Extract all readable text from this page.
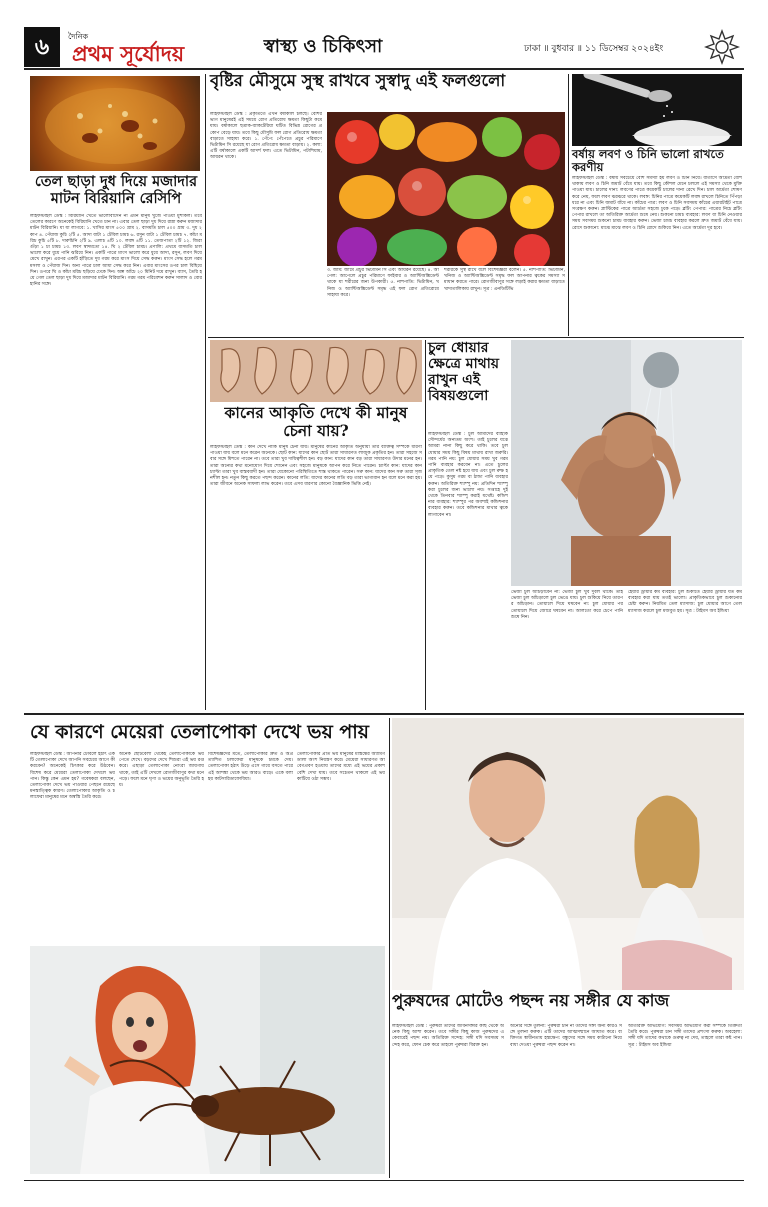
৬	দৈনিক
প্রথম সূর্যোদয়	স্বাস্থ্য ও চিকিৎসা	ঢাকা ॥ বুধবার ॥ ১১ ডিসেম্বর ২০২৪ইং
তেল ছাড়া দুধ দিয়ে মজাদার মাটন বিরিয়ানি রেসিপি
লাইফস্টাইল ডেস্ক : বিরিয়ানি খেতে ভালোবাসেন না এমন মানুষ খুঁজে পাওয়া মুশকিল। তবে তেলের কারণে অনেকেই বিরিয়ানি খেতে চান না। এবার তেল ছাড়া দুধ দিয়ে রান্না করুন মজাদার মাটন বিরিয়ানি। যা যা লাগবে: ১. খাসির মাংস ৫০০ গ্রাম ২. বাসমতি চাল ৫০০ গ্রাম ৩. দুধ ২ কাপ ৪. পেঁয়াজ কুচি ২টি ৫. আদা বাটা ১ টেবিল চামচ ৬. রসুন বাটা ১ টেবিল চামচ ৭. কাঁচা মরিচ কুচি ৫টি ৮. দারুচিনি ২টি ৯. এলাচ ৪টি ১০. লবঙ্গ ৪টি ১১. তেজপাতা ২টি ১২. জিরা গুঁড়া ১ চা চামচ ১৩. লবণ স্বাদমতো ১৪. ঘি ২ টেবিল চামচ। প্রণালি: প্রথমে বাসমতি চাল ভালো করে ধুয়ে পানি ঝরিয়ে নিন। একটি পাত্রে মাংস ভালো করে ধুয়ে আদা, রসুন, লবণ দিয়ে মেখে রাখুন। এরপর একটি হাঁড়িতে দুধ গরম করে মাংস দিয়ে সেদ্ধ করুন। মাংস সেদ্ধ হলে গরম মসলা ও পেঁয়াজ দিন। অন্য পাত্রে চাল আধা সেদ্ধ করে নিন। এবার মাংসের ওপর চাল বিছিয়ে দিন। ওপরে ঘি ও কাঁচা মরিচ ছড়িয়ে ঢেকে দিন। অল্প আঁচে ২০ মিনিট দমে রাখুন। ব্যাস, তৈরি হয়ে গেল তেল ছাড়া দুধ দিয়ে মজাদার মাটন বিরিয়ানি। গরম গরম পরিবেশন করুন সালাদ ও বোরহানির সঙ্গে।
বৃষ্টির মৌসুমে সুস্থ রাখবে সুস্বাদু এই ফলগুলো
লাইফস্টাইল ডেস্ক : প্রকৃতিতে এখন বর্ষাকাল চলছে। বেশির ভাগ মানুষেরই এই সময়ে রোগ প্রতিরোধ ক্ষমতা কিছুটা কমে যায়। বর্ষাকালে ছত্রাক-ব্যাকটেরিয়া ঘটিত বিভিন্ন রোগের প্রকোপ বেড়ে যায়। তবে কিছু মৌসুমি ফল রোগ প্রতিরোধ ক্ষমতা বাড়াতে সাহায্য করে। ১. পেঁপে: পেঁপেতে প্রচুর পরিমাণে ভিটামিন সি রয়েছে যা রোগ প্রতিরোধ ক্ষমতা বাড়ায়। ২. কলা: এটি বর্ষাকালে একটি আদর্শ ফল। এতে ভিটামিন, পটাশিয়াম, আয়রন থাকে।
৩. জাম: জামে প্রচুর ভিটামিন সি এবং আয়রন রয়েছে। ৪. আপেল: আপেলে প্রচুর পরিমাণে ফাইবার ও অ্যান্টিঅক্সিডেন্ট থাকে যা শরীরের জন্য উপকারী। ৫. নাশপাতি: ভিটামিন, খনিজ ও অ্যান্টিঅক্সিডেন্ট সমৃদ্ধ এই ফল রোগ প্রতিরোধে সাহায্য করে।
শরীরকে সুস্থ রাখে বলে বিশেষজ্ঞরা বলেন। ৫. নাশপাতি: ভিটামিন, খনিজ ও অ্যান্টিঅক্সিডেন্ট সমৃদ্ধ ফল আপনার ত্বকের সমস্যা সমাধান করতে পারে। রোগজীবাণুর সঙ্গে লড়াই করার ক্ষমতা বাড়াতে খাদ্যতালিকায় রাখুন। সূত্র : এনডিটিভি
বর্ষায় লবণ ও চিনি ভালো রাখতে করণীয়
লাইফস্টাইল ডেস্ক : বর্ষায় সবচেয়ে বেশি সমস্যা হয় লবণ ও চিনি নিয়ে। বাতাসে আর্দ্রতা বেশি থাকায় লবণ ও চিনি জমাট বেঁধে যায়। তবে কিছু কৌশল মেনে চললে এই সমস্যা থেকে মুক্তি পাওয়া যায়। চালের দানা: লবণের পাত্রে কয়েকটি চালের দানা রেখে দিন। চাল আর্দ্রতা শোষণ করে নেয়, ফলে লবণ ঝরঝরে থাকে। লবঙ্গ: চিনির পাত্রে কয়েকটি লবঙ্গ রাখলে চিনিতে পিঁপড়া ধরে না এবং চিনি জমাট বাঁধে না। কাঁচের পাত্র: লবণ ও চিনি সবসময় কাঁচের এয়ারটাইট পাত্রে সংরক্ষণ করুন। প্লাস্টিকের পাত্রে আর্দ্রতা সহজে ঢুকে পড়ে। ব্লটিং পেপার: পাত্রের নিচে ব্লটিং পেপার রাখলে তা অতিরিক্ত আর্দ্রতা শুষে নেয়। শুকনো চামচ ব্যবহার: লবণ বা চিনি নেওয়ার সময় সবসময় শুকনো চামচ ব্যবহার করুন। ভেজা চামচ ব্যবহার করলে দ্রুত জমাট বেঁধে যায়। রোদে শুকানো: মাঝে মাঝে লবণ ও চিনি রোদে শুকিয়ে নিন। এতে আর্দ্রতা দূর হবে।
কানের আকৃতি দেখে কী মানুষ চেনা যায়?
লাইফস্টাইল ডেস্ক : কান দেখে নাকি মানুষ চেনা যায়। মানুষের কানের আকৃতি অনুযায়ী তার ব্যক্তিত্ব সম্পর্কে ধারণা পাওয়া যায় বলে মনে করেন অনেকে। ছোট কান: যাদের কান ছোট তারা সাধারণত লাজুক প্রকৃতির হন। তারা সহজে সবার সঙ্গে মিশতে পারেন না। তবে তারা খুব দায়িত্বশীল হন। বড় কান: যাদের কান বড় তারা সাধারণত উদার মনের হন। তারা অন্যের কথা মনোযোগ দিয়ে শোনেন এবং সহজে মানুষকে আপন করে নিতে পারেন। চ্যাপ্টা কান: যাদের কান চ্যাপ্টা তারা খুব বাস্তববাদী হন। তারা যেকোনো পরিস্থিতিতে শান্ত থাকতে পারেন। সরু কান: যাদের কান সরু তারা সৃজনশীল হন। নতুন কিছু করতে পছন্দ করেন। কানের লতি: যাদের কানের লতি বড় তারা ভাগ্যবান হন বলে মনে করা হয়। তারা জীবনে অনেক সাফল্য লাভ করেন। তবে এসব ধারণার কোনো বৈজ্ঞানিক ভিত্তি নেই।
চুল ধোয়ার ক্ষেত্রে মাথায় রাখুন এই বিষয়গুলো
লাইফস্টাইল ডেস্ক : চুল আমাদের বাহ্যিক সৌন্দর্যের অন্যতম অংশ। তাই চুলের যত্নে আমরা নানা কিছু করে থাকি। তবে চুল ধোয়ার সময় কিছু বিষয় মাথায় রাখা জরুরি। গরম পানি নয়: চুল ধোয়ার সময় খুব গরম পানি ব্যবহার করবেন না। এতে চুলের প্রাকৃতিক তেল নষ্ট হয়ে যায় এবং চুল রুক্ষ হয়ে পড়ে। কুসুম গরম বা ঠান্ডা পানি ব্যবহার করুন। অতিরিক্ত শ্যাম্পু নয়: প্রতিদিন শ্যাম্পু করা চুলের জন্য ভালো নয়। সপ্তাহে দুই থেকে তিনবার শ্যাম্পু করাই যথেষ্ট। কন্ডিশনার ব্যবহার: শ্যাম্পুর পর অবশ্যই কন্ডিশনার ব্যবহার করুন। তবে কন্ডিশনার মাথার ত্বকে লাগাবেন না।
ভেজা চুল আঁচড়াবেন না: ভেজা চুল খুব দুর্বল থাকে। তাই ভেজা চুল আঁচড়ালে চুল ভেঙে যায়। চুল শুকিয়ে নিয়ে তারপর আঁচড়ান। তোয়ালে দিয়ে ঘষবেন না: চুল ধোয়ার পর তোয়ালে দিয়ে জোরে ঘষবেন না। আলতো করে চেপে পানি শুষে নিন।
হেয়ার ড্রায়ার কম ব্যবহার: চুল শুকাতে হেয়ার ড্রায়ার যত কম ব্যবহার করা যায় ততই ভালো। প্রাকৃতিকভাবে চুল শুকানোর চেষ্টা করুন। নিয়মিত তেল ম্যাসাজ: চুল ধোয়ার আগে তেল ম্যাসাজ করলে চুল মজবুত হয়। সূত্র : টাইমস অব ইন্ডিয়া
যে কারণে মেয়েরা তেলাপোকা দেখে ভয় পায়
লাইফস্টাইল ডেস্ক : আপনার টেবিলে হঠাৎ একটি তেলাপোকা দেখে আপনি সবচেয়ে আগে কী করবেন? অনেকেই চিৎকার করে উঠবেন। বিশেষ করে মেয়েরা তেলাপোকা দেখলে ভয় পান। কিন্তু কেন এমন হয়? গবেষকরা বলছেন, তেলাপোকা দেখে ভয় পাওয়ার পেছনে রয়েছে মনস্তাত্ত্বিক কারণ। তেলাপোকার আকৃতি ও চলাফেরা মানুষের মনে অস্বস্তি তৈরি করে।
অনেক ছোটবেলা থেকেই তেলাপোকাকে ভয় পেতে শেখে। বড়দের দেখে শিশুরা এই ভয় রপ্ত করে। এছাড়া তেলাপোকা নোংরা জায়গায় থাকে, তাই এটি দেখলে রোগজীবাণুর কথা মনে পড়ে। ফলে মনে ঘৃণা ও ভয়ের অনুভূতি তৈরি হয়।
বিশেষজ্ঞদের মতে, তেলাপোকার দ্রুত ও অপ্রত্যাশিত চলাফেরা মানুষকে চমকে দেয়। তেলাপোকা হঠাৎ উড়ে এসে গায়ে বসতে পারে এই আশঙ্কা থেকে ভয় আরও বাড়ে। একে বলা হয় কাটসারিডাফোবিয়া।
তেলাপোকার প্রতি ভয় মানুষের মস্তিষ্কের অ্যামিগডালা অংশ নিয়ন্ত্রণ করে। মেয়েরা সাধারণত আবেগপ্রবণ হওয়ায় তাদের মধ্যে এই ভয়ের প্রকাশ বেশি দেখা যায়। তবে সচেতন থাকলে এই ভয় কাটিয়ে ওঠা সম্ভব।
পুরুষদের মোটেও পছন্দ নয় সঙ্গীর যে কাজ
লাইফস্টাইল ডেস্ক : পুরুষরা তাদের জীবনসঙ্গীর কাছ থেকে অনেক কিছু আশা করেন। তবে সঙ্গীর কিছু কাজ পুরুষদের একেবারেই পছন্দ নয়। অতিরিক্ত সন্দেহ: সঙ্গী যদি সবসময় সন্দেহ করে, ফোন চেক করে তাহলে পুরুষরা বিরক্ত হন।
অন্যের সঙ্গে তুলনা: পুরুষরা চান না তাদের সঙ্গী অন্য কারও সঙ্গে তুলনা করুক। এটি তাদের আত্মসম্মানে আঘাত করে। ব্যক্তিগত স্বাধীনতায় হস্তক্ষেপ: বন্ধুদের সঙ্গে সময় কাটানো নিয়ে বাধা দেওয়া পুরুষরা পছন্দ করেন না।
অতিরিক্ত অভিযোগ: সবসময় অভিযোগ করা সম্পর্কে তিক্ততা তৈরি করে। পুরুষরা চান সঙ্গী তাদের প্রশংসা করুক। অবহেলা: সঙ্গী যদি তাদের কথাকে গুরুত্ব না দেয়, তাহলে তারা কষ্ট পান। সূত্র : টাইমস অব ইন্ডিয়া
